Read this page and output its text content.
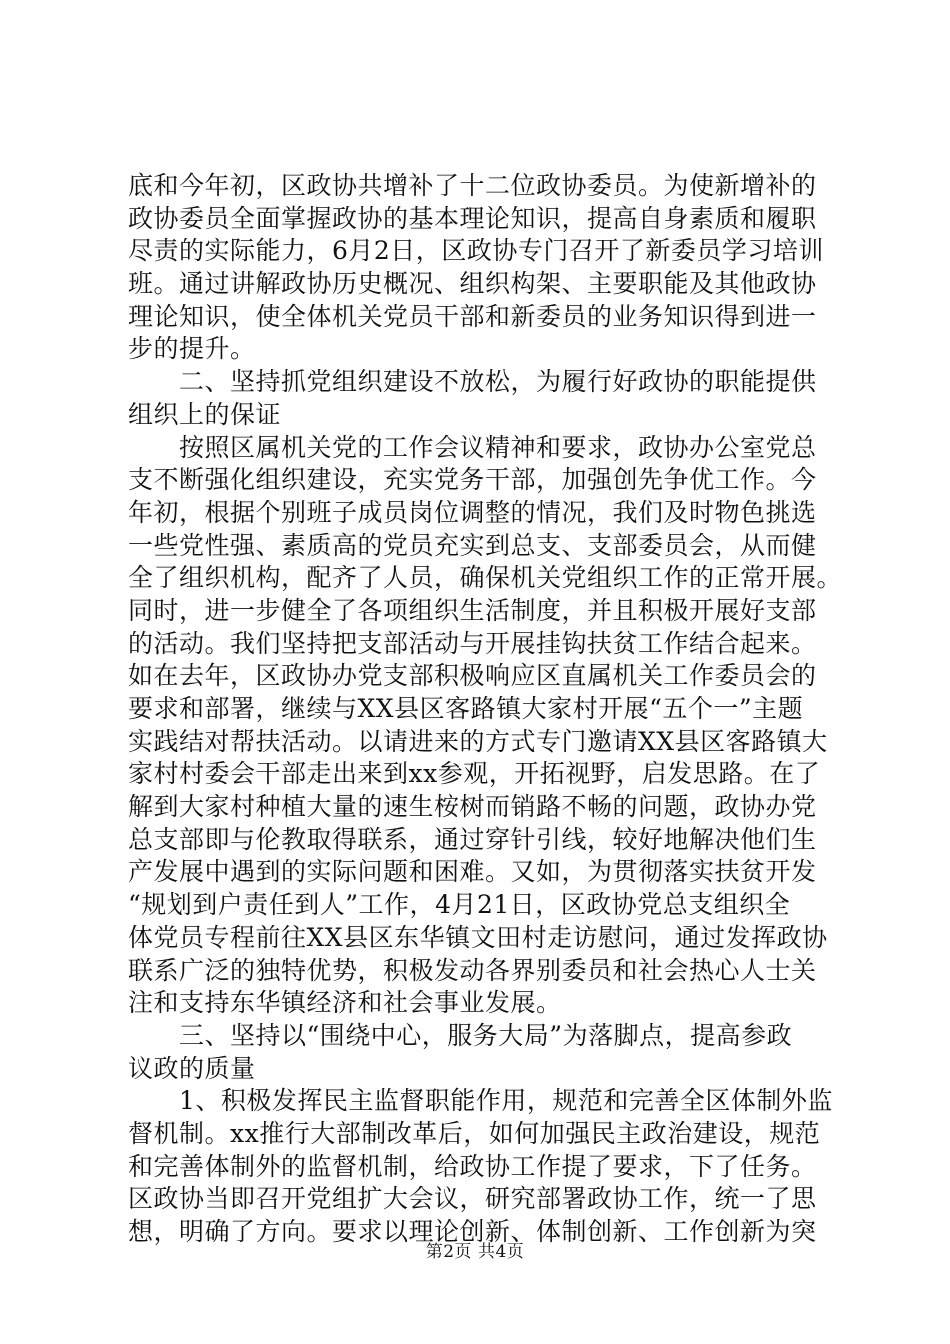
底和今年初，区政协共增补了十二位政协委员。为使新增补的
政协委员全面掌握政协的基本理论知识，提高自身素质和履职
尽责的实际能力，6月2日，区政协专门召开了新委员学习培训
班。通过讲解政协历史概况、组织构架、主要职能及其他政协
理论知识，使全体机关党员干部和新委员的业务知识得到进一
步的提升。
　　二、坚持抓党组织建设不放松，为履行好政协的职能提供
组织上的保证
　　按照区属机关党的工作会议精神和要求，政协办公室党总
支不断强化组织建设，充实党务干部，加强创先争优工作。今
年初，根据个别班子成员岗位调整的情况，我们及时物色挑选
一些党性强、素质高的党员充实到总支、支部委员会，从而健
全了组织机构，配齐了人员，确保机关党组织工作的正常开展。
同时，进一步健全了各项组织生活制度，并且积极开展好支部
的活动。我们坚持把支部活动与开展挂钩扶贫工作结合起来。
如在去年，区政协办党支部积极响应区直属机关工作委员会的
要求和部署，继续与XX县区客路镇大家村开展“五个一”主题
实践结对帮扶活动。以请进来的方式专门邀请XX县区客路镇大
家村村委会干部走出来到xx参观，开拓视野，启发思路。在了
解到大家村种植大量的速生桉树而销路不畅的问题，政协办党
总支部即与伦教取得联系，通过穿针引线，较好地解决他们生
产发展中遇到的实际问题和困难。又如，为贯彻落实扶贫开发
“规划到户责任到人”工作，4月21日，区政协党总支组织全
体党员专程前往XX县区东华镇文田村走访慰问，通过发挥政协
联系广泛的独特优势，积极发动各界别委员和社会热心人士关
注和支持东华镇经济和社会事业发展。
　　三、坚持以“围绕中心，服务大局”为落脚点，提高参政
议政的质量
　　1、积极发挥民主监督职能作用，规范和完善全区体制外监
督机制。xx推行大部制改革后，如何加强民主政治建设，规范
和完善体制外的监督机制，给政协工作提了要求，下了任务。
区政协当即召开党组扩大会议，研究部署政协工作，统一了思
想，明确了方向。要求以理论创新、体制创新、工作创新为突
第2页 共4页
